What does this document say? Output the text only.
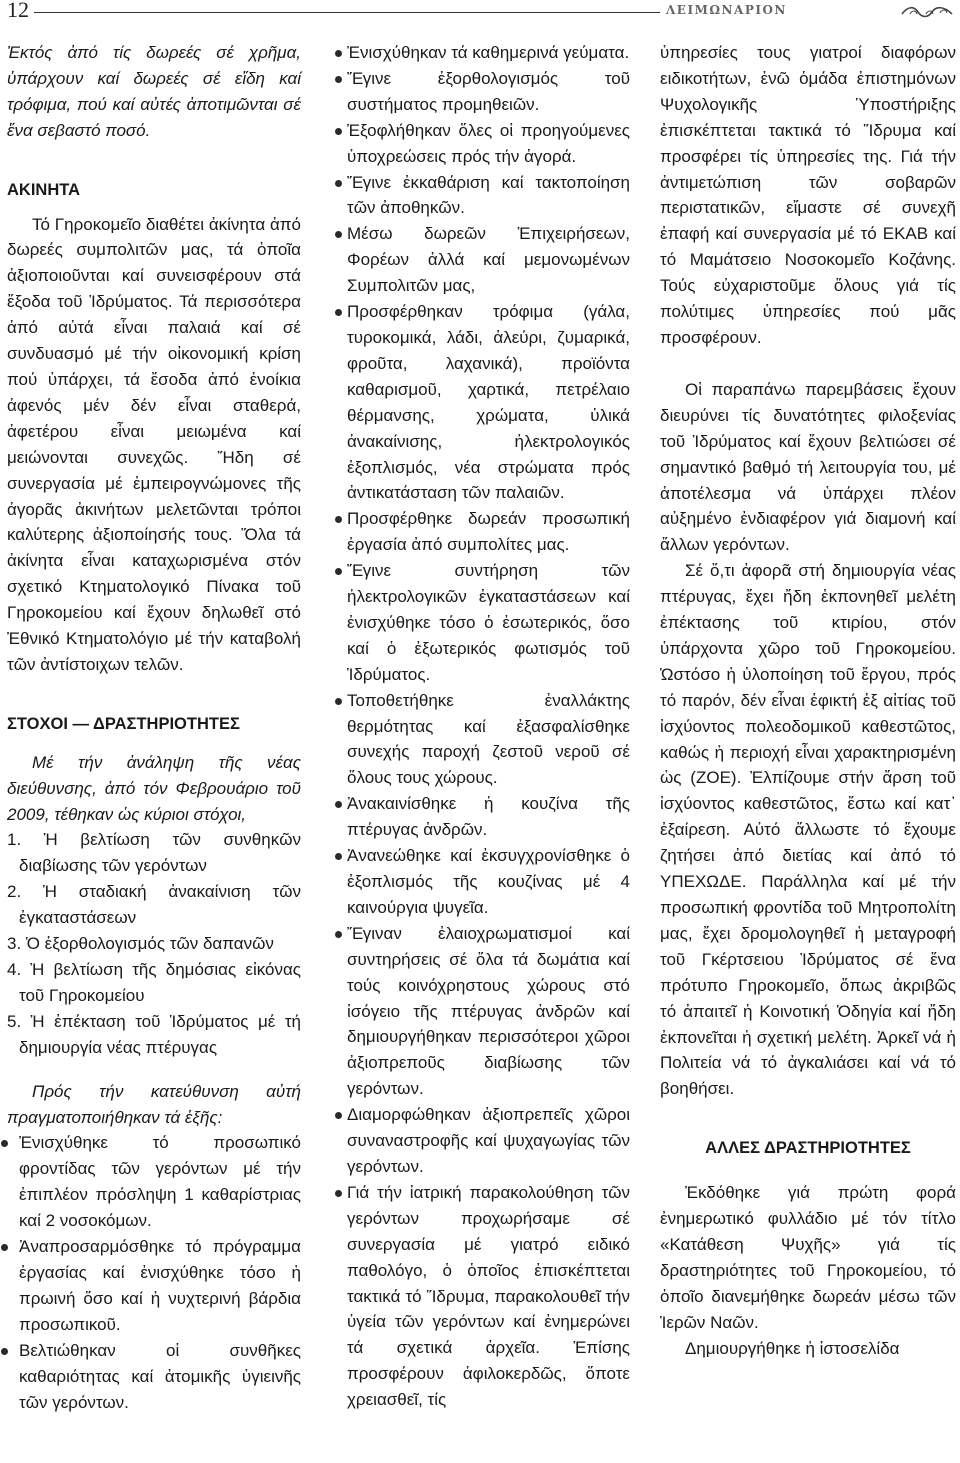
12	ΛΕΙΜΩΝΑΡΙΟΝ

Ἐκτός ἀπό τίς δωρεές σέ χρῆμα, ὑπάρχουν καί δωρεές σέ εἴδη καί τρόφιμα, πού καί αὐτές ἀποτιμῶνται σέ ἕνα σεβαστό ποσό.

ΑΚΙΝΗΤΑ

Τό Γηροκομεῖο διαθέτει ἀκίνητα ἀπό δωρεές συμπολιτῶν μας, τά ὁποῖα ἀξιοποιοῦνται καί συνεισφέρουν στά ἔξοδα τοῦ Ἱδρύματος. Τά περισσότερα ἀπό αὐτά εἶναι παλαιά καί σέ συνδυασμό μέ τήν οἰκονομική κρίση πού ὑπάρχει, τά ἔσοδα ἀπό ἐνοίκια ἀφενός μέν δέν εἶναι σταθερά, ἀφετέρου εἶναι μειωμένα καί μειώνονται συνεχῶς. Ἤδη σέ συνεργασία μέ ἐμπειρογνώμονες τῆς ἀγορᾶς ἀκινήτων μελετῶνται τρόποι καλύτερης ἀξιοποίησής τους. Ὅλα τά ἀκίνητα εἶναι καταχωρισμένα στόν σχετικό Κτηματολογικό Πίνακα τοῦ Γηροκομείου καί ἔχουν δηλωθεῖ στό Ἐθνικό Κτηματολόγιο μέ τήν καταβολή τῶν ἀντίστοιχων τελῶν.

ΣΤΟΧΟΙ — ΔΡΑΣΤΗΡΙΟΤΗΤΕΣ

Μέ τήν ἀνάληψη τῆς νέας διεύθυνσης, ἀπό τόν Φεβρουάριο τοῦ 2009, τέθηκαν ὡς κύριοι στόχοι,

1. Ἡ βελτίωση τῶν συνθηκῶν διαβίωσης τῶν γερόντων
2. Ἡ σταδιακή ἀνακαίνιση τῶν ἐγκαταστάσεων
3. Ὁ ἐξορθολογισμός τῶν δαπανῶν
4. Ἡ βελτίωση τῆς δημόσιας εἰκόνας τοῦ Γηροκομείου
5. Ἡ ἐπέκταση τοῦ Ἱδρύματος μέ τή δημιουργία νέας πτέρυγας

Πρός τήν κατεύθυνση αὐτή πραγματοποιήθηκαν τά ἑξῆς:

Ἐνισχύθηκε τό προσωπικό φροντίδας τῶν γερόντων μέ τήν ἐπιπλέον πρόσληψη 1 καθαρίστριας καί 2 νοσοκόμων.
Ἀναπροσαρμόσθηκε τό πρόγραμμα ἐργασίας καί ἐνισχύθηκε τόσο ἡ πρωινή ὅσο καί ἡ νυχτερινή βάρδια προσωπικοῦ.
Βελτιώθηκαν οἱ συνθῆκες καθαριότητας καί ἀτομικῆς ὑγιεινῆς τῶν γερόντων.
Ἐνισχύθηκαν τά καθημερινά γεύματα.
Ἔγινε ἐξορθολογισμός τοῦ συστήματος προμηθειῶν.
Ἐξοφλήθηκαν ὅλες οἱ προηγούμενες ὑποχρεώσεις πρός τήν ἀγορά.
Ἔγινε ἐκκαθάριση καί τακτοποίηση τῶν ἀποθηκῶν.
Μέσω δωρεῶν Ἐπιχειρήσεων, Φορέων ἀλλά καί μεμονωμένων Συμπολιτῶν μας,
Προσφέρθηκαν τρόφιμα (γάλα, τυροκομικά, λάδι, ἀλεύρι, ζυμαρικά, φροῦτα, λαχανικά), προϊόντα καθαρισμοῦ, χαρτικά, πετρέλαιο θέρμανσης, χρώματα, ὑλικά ἀνακαίνισης, ἠλεκτρολογικός ἐξοπλισμός, νέα στρώματα πρός ἀντικατάσταση τῶν παλαιῶν.
Προσφέρθηκε δωρεάν προσωπική ἐργασία ἀπό συμπολίτες μας.
Ἔγινε συντήρηση τῶν ἠλεκτρολογικῶν ἐγκαταστάσεων καί ἐνισχύθηκε τόσο ὁ ἐσωτερικός, ὅσο καί ὁ ἐξωτερικός φωτισμός τοῦ Ἱδρύματος.
Τοποθετήθηκε ἐναλλάκτης θερμότητας καί ἐξασφαλίσθηκε συνεχής παροχή ζεστοῦ νεροῦ σέ ὅλους τους χώρους.
Ἀνακαινίσθηκε ἡ κουζίνα τῆς πτέρυγας ἀνδρῶν.
Ἀνανεώθηκε καί ἐκσυγχρονίσθηκε ὁ ἐξοπλισμός τῆς κουζίνας μέ 4 καινούργια ψυγεῖα.
Ἔγιναν ἐλαιοχρωματισμοί καί συντηρήσεις σέ ὅλα τά δωμάτια καί τούς κοινόχρηστους χώρους στό ἰσόγειο τῆς πτέρυγας ἀνδρῶν καί δημιουργήθηκαν περισσότεροι χῶροι ἀξιοπρεποῦς διαβίωσης τῶν γερόντων.
Διαμορφώθηκαν ἀξιοπρεπεῖς χῶροι συναναστροφῆς καί ψυχαγωγίας τῶν γερόντων.
Γιά τήν ἰατρική παρακολούθηση τῶν γερόντων προχωρήσαμε σέ συνεργασία μέ γιατρό ειδικό παθολόγο, ὁ ὁποῖος ἐπισκέπτεται τακτικά τό Ἵδρυμα, παρακολουθεῖ τήν ὑγεία τῶν γερόντων καί ἐνημερώνει τά σχετικά ἀρχεῖα. Ἐπίσης προσφέρουν ἀφιλοκερδῶς, ὅποτε χρειασθεῖ, τίς

ὑπηρεσίες τους γιατροί διαφόρων ειδικοτήτων, ἐνῶ ὁμάδα ἐπιστημόνων Ψυχολογικῆς Ὑποστήριξης ἐπισκέπτεται τακτικά τό Ἵδρυμα καί προσφέρει τίς ὑπηρεσίες της. Γιά τήν ἀντιμετώπιση τῶν σοβαρῶν περιστατικῶν, εἴμαστε σέ συνεχῆ ἐπαφή καί συνεργασία μέ τό ΕΚΑΒ καί τό Μαμάτσειο Νοσοκομεῖο Κοζάνης. Τούς εὐχαριστοῦμε ὅλους γιά τίς πολύτιμες ὑπηρεσίες πού μᾶς προσφέρουν.

Οἱ παραπάνω παρεμβάσεις ἔχουν διευρύνει τίς δυνατότητες φιλοξενίας τοῦ Ἱδρύματος καί ἔχουν βελτιώσει σέ σημαντικό βαθμό τή λειτουργία του, μέ ἀποτέλεσμα νά ὑπάρχει πλέον αὐξημένο ἐνδιαφέρον γιά διαμονή καί ἄλλων γερόντων.

Σέ ὅ,τι ἀφορᾶ στή δημιουργία νέας πτέρυγας, ἔχει ἤδη ἐκπονηθεῖ μελέτη ἐπέκτασης τοῦ κτιρίου, στόν ὑπάρχοντα χῶρο τοῦ Γηροκομείου. Ὡστόσο ἡ ὑλοποίηση τοῦ ἔργου, πρός τό παρόν, δέν εἶναι ἐφικτή ἐξ αἰτίας τοῦ ἰσχύοντος πολεοδομικοῦ καθεστῶτος, καθώς ἡ περιοχή εἶναι χαρακτηρισμένη ὡς (ΖΟΕ). Ἐλπίζουμε στήν ἄρση τοῦ ἰσχύοντος καθεστῶτος, ἔστω καί κατ᾽ ἐξαίρεση. Αὐτό ἄλλωστε τό ἔχουμε ζητήσει ἀπό διετίας καί ἀπό τό ΥΠΕΧΩΔΕ. Παράλληλα καί μέ τήν προσωπική φροντίδα τοῦ Μητροπολίτη μας, ἔχει δρομολογηθεῖ ἡ μεταγροφή τοῦ Γκέρτσειου Ἱδρύματος σέ ἕνα πρότυπο Γηροκομεῖο, ὅπως ἀκριβῶς τό ἀπαιτεῖ ἡ Κοινοτική Ὁδηγία καί ἤδη ἐκπονεῖται ἡ σχετική μελέτη. Ἀρκεῖ νά ἡ Πολιτεία νά τό ἀγκαλιάσει καί νά τό βοηθήσει.

ΑΛΛΕΣ ΔΡΑΣΤΗΡΙΟΤΗΤΕΣ

Ἐκδόθηκε γιά πρώτη φορά ἐνημερωτικό φυλλάδιο μέ τόν τίτλο «Κατάθεση Ψυχῆς» γιά τίς δραστηριότητες τοῦ Γηροκομείου, τό ὁποῖο διανεμήθηκε δωρεάν μέσω τῶν Ἱερῶν Ναῶν.

Δημιουργήθηκε ἡ ἱστοσελίδα
